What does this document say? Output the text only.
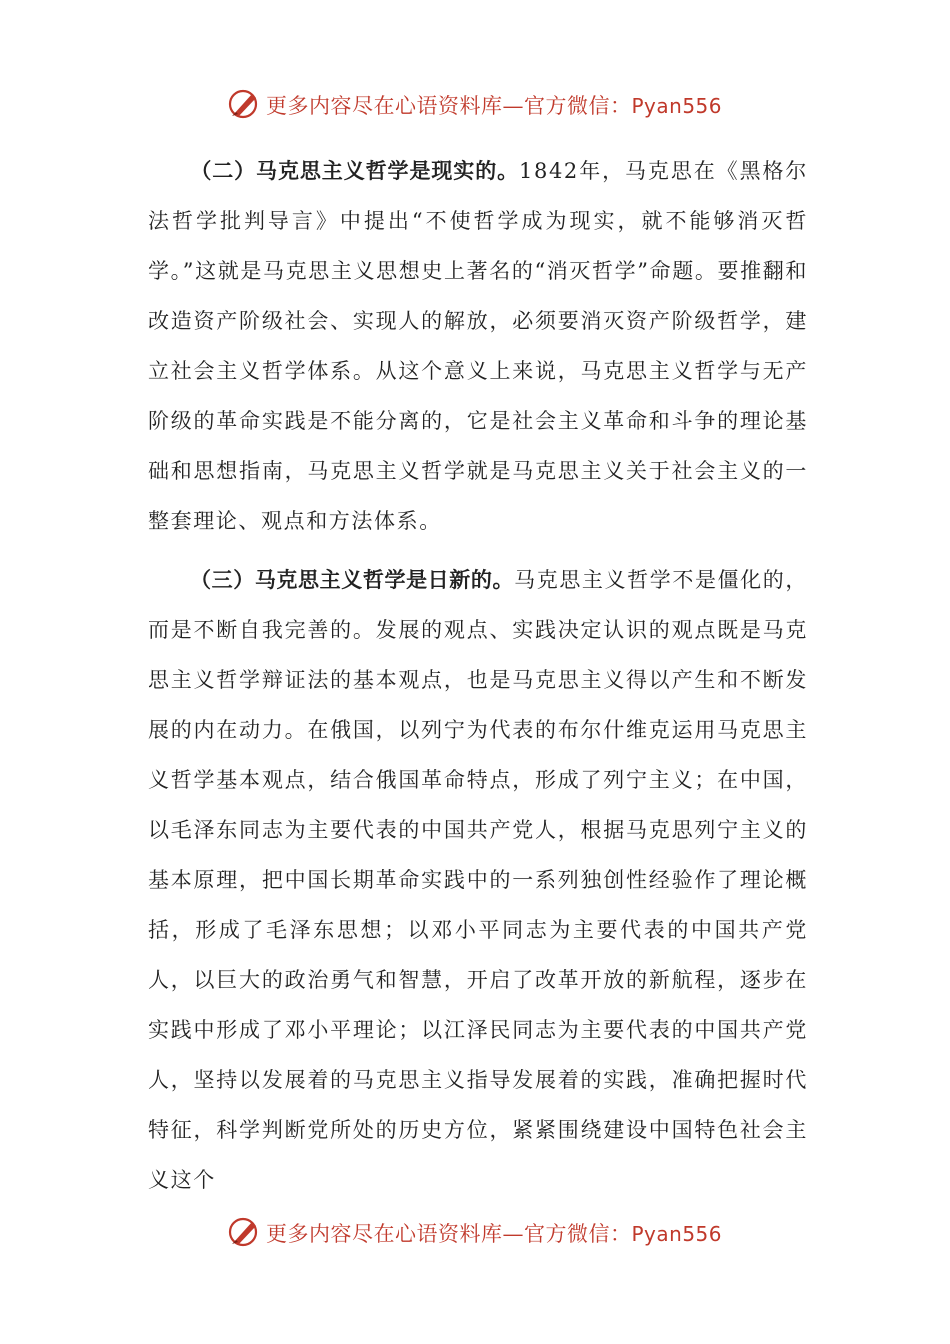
更多内容尽在心语资料库—官方微信：Pyan556

（二）马克思主义哲学是现实的。1842年，马克思在《黑格尔法哲学批判导言》中提出“不使哲学成为现实，就不能够消灭哲学。”这就是马克思主义思想史上著名的“消灭哲学”命题。要推翻和改造资产阶级社会、实现人的解放，必须要消灭资产阶级哲学，建立社会主义哲学体系。从这个意义上来说，马克思主义哲学与无产阶级的革命实践是不能分离的，它是社会主义革命和斗争的理论基础和思想指南，马克思主义哲学就是马克思主义关于社会主义的一整套理论、观点和方法体系。

（三）马克思主义哲学是日新的。马克思主义哲学不是僵化的，而是不断自我完善的。发展的观点、实践决定认识的观点既是马克思主义哲学辩证法的基本观点，也是马克思主义得以产生和不断发展的内在动力。在俄国，以列宁为代表的布尔什维克运用马克思主义哲学基本观点，结合俄国革命特点，形成了列宁主义；在中国，以毛泽东同志为主要代表的中国共产党人，根据马克思列宁主义的基本原理，把中国长期革命实践中的一系列独创性经验作了理论概括，形成了毛泽东思想；以邓小平同志为主要代表的中国共产党人，以巨大的政治勇气和智慧，开启了改革开放的新航程，逐步在实践中形成了邓小平理论；以江泽民同志为主要代表的中国共产党人，坚持以发展着的马克思主义指导发展着的实践，准确把握时代特征，科学判断党所处的历史方位，紧紧围绕建设中国特色社会主义这个

更多内容尽在心语资料库—官方微信：Pyan556
